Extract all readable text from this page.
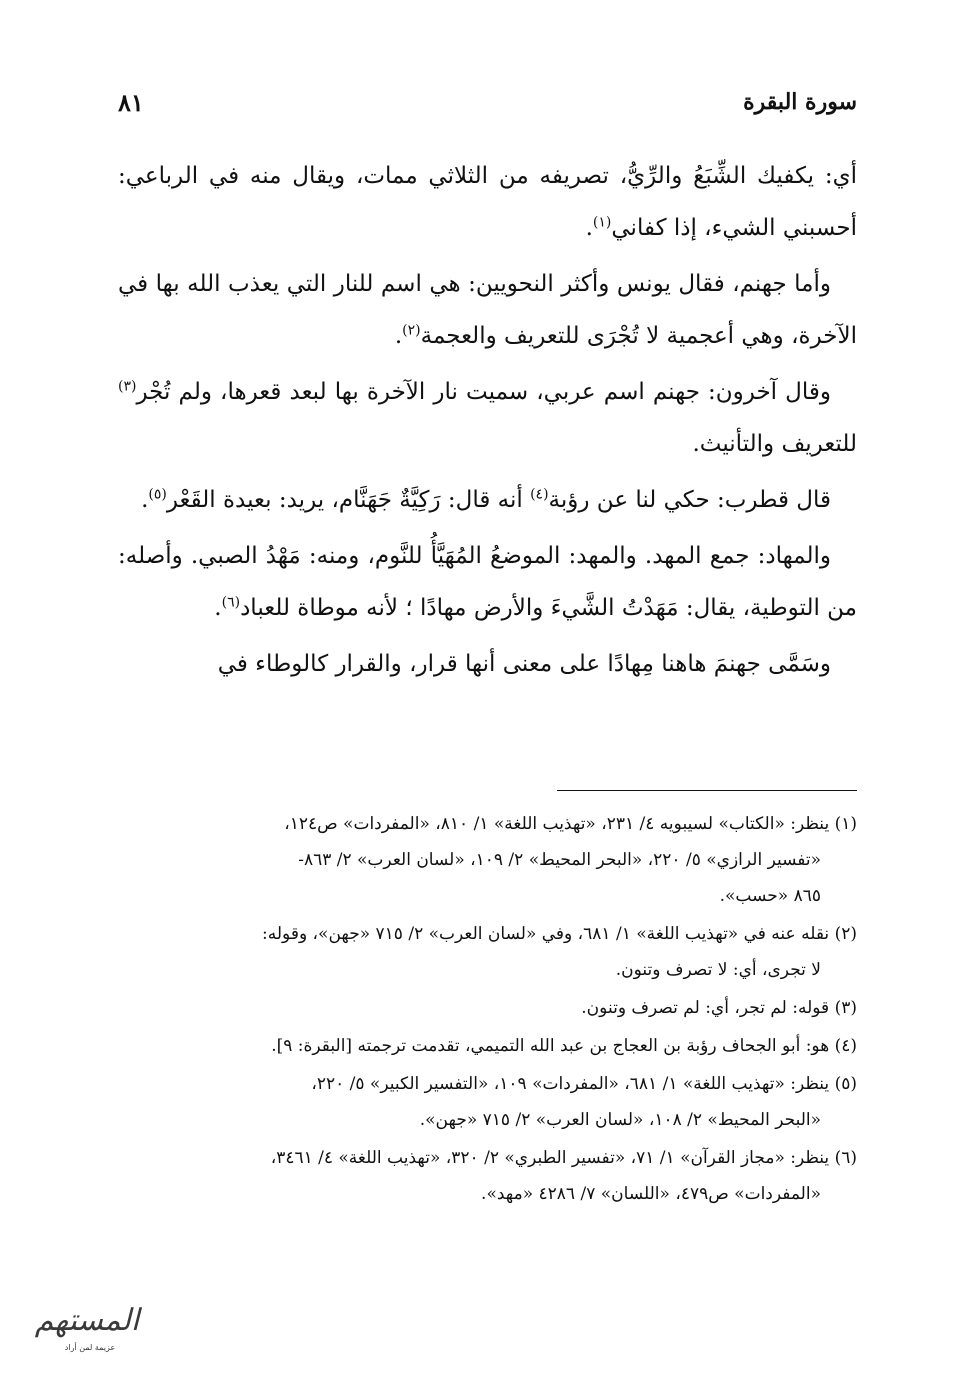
سورة البقرة
٨١

أي: يكفيك الشِّبَعُ والرِّيُّ، تصريفه من الثلاثي ممات، ويقال منه في الرباعي: أحسبني الشيء، إذا كفاني$^{(١)}$.

وأما جهنم، فقال يونس وأكثر النحويين: هي اسم للنار التي يعذب الله بها في الآخرة، وهي أعجمية لا تُجْرَى للتعريف والعجمة$^{(٢)}$.

وقال آخرون: جهنم اسم عربي، سميت نار الآخرة بها لبعد قعرها، ولم تُجْر$^{(٣)}$ للتعريف والتأنيث.

قال قطرب: حكي لنا عن رؤبة$^{(٤)}$ أنه قال: رَكِيَّةٌ جَهَنَّام، يريد: بعيدة القَعْر$^{(٥)}$.

والمهاد: جمع المهد. والمهد: الموضعُ المُهَيَّأُ للنَّوم، ومنه: مَهْدُ الصبي. وأصله: من التوطية، يقال: مَهَدْتُ الشَّيءَ والأرض مهادًا ؛ لأنه موطاة للعباد$^{(٦)}$.

وسَمَّى جهنمَ هاهنا مِهادًا على معنى أنها قرار، والقرار كالوطاء في

(١) ينظر: «الكتاب» لسيبويه ٤/ ٢٣١، «تهذيب اللغة» ١/ ٨١٠، «المفردات» ص١٢٤،
«تفسير الرازي» ٥/ ٢٢٠، «البحر المحيط» ٢/ ١٠٩، «لسان العرب» ٢/ ٨٦٣-
٨٦٥ «حسب».
(٢) نقله عنه في «تهذيب اللغة» ١/ ٦٨١، وفي «لسان العرب» ٢/ ٧١٥ «جهن»، وقوله:
لا تجرى، أي: لا تصرف وتنون.
(٣) قوله: لم تجر، أي: لم تصرف وتنون.
(٤) هو: أبو الجحاف رؤبة بن العجاج بن عبد الله التميمي، تقدمت ترجمته [البقرة: ٩].
(٥) ينظر: «تهذيب اللغة» ١/ ٦٨١، «المفردات» ١٠٩، «التفسير الكبير» ٥/ ٢٢٠،
«البحر المحيط» ٢/ ١٠٨، «لسان العرب» ٢/ ٧١٥ «جهن».
(٦) ينظر: «مجاز القرآن» ١/ ٧١، «تفسير الطبري» ٢/ ٣٢٠، «تهذيب اللغة» ٤/ ٣٤٦١،
«المفردات» ص٤٧٩، «اللسان» ٧/ ٤٢٨٦ «مهد».
المستهم
عزيمة لمن أراد
